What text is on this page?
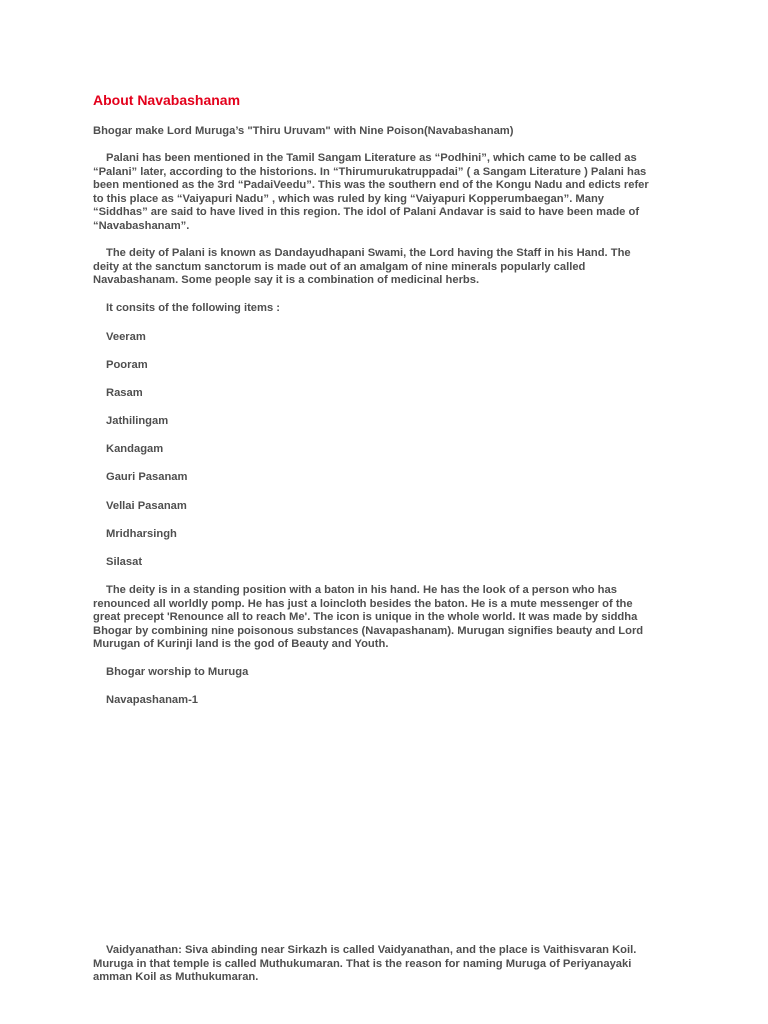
About Navabashanam

Bhogar make Lord Muruga’s "Thiru Uruvam" with Nine Poison(Navabashanam)

Palani has been mentioned in the Tamil Sangam Literature as “Podhini”, which came to be called as

“Palani” later, according to the historions. In “Thirumurukatruppadai” ( a Sangam Literature ) Palani has

been mentioned as the 3rd “PadaiVeedu”. This was the southern end of the Kongu Nadu and edicts refer

to this place as “Vaiyapuri Nadu” , which was ruled by king “Vaiyapuri Kopperumbaegan”. Many

“Siddhas” are said to have lived in this region. The idol of Palani Andavar is said to have been made of

“Navabashanam”.

The deity of Palani is known as Dandayudhapani Swami, the Lord having the Staff in his Hand. The

deity at the sanctum sanctorum is made out of an amalgam of nine minerals popularly called

Navabashanam. Some people say it is a combination of medicinal herbs.

It consits of the following items :

Veeram
Pooram
Rasam
Jathilingam
Kandagam
Gauri Pasanam
Vellai Pasanam
Mridharsingh
Silasat

The deity is in a standing position with a baton in his hand. He has the look of a person who has

renounced all worldly pomp. He has just a loincloth besides the baton. He is a mute messenger of the

great precept 'Renounce all to reach Me'. The icon is unique in the whole world. It was made by siddha

Bhogar by combining nine poisonous substances (Navapashanam). Murugan signifies beauty and Lord

Murugan of Kurinji land is the god of Beauty and Youth.

Bhogar worship to Muruga

Navapashanam-1

Vaidyanathan: Siva abinding near Sirkazh is called Vaidyanathan, and the place is Vaithisvaran Koil.

Muruga in that temple is called Muthukumaran. That is the reason for naming Muruga of Periyanayaki

amman Koil as Muthukumaran.
